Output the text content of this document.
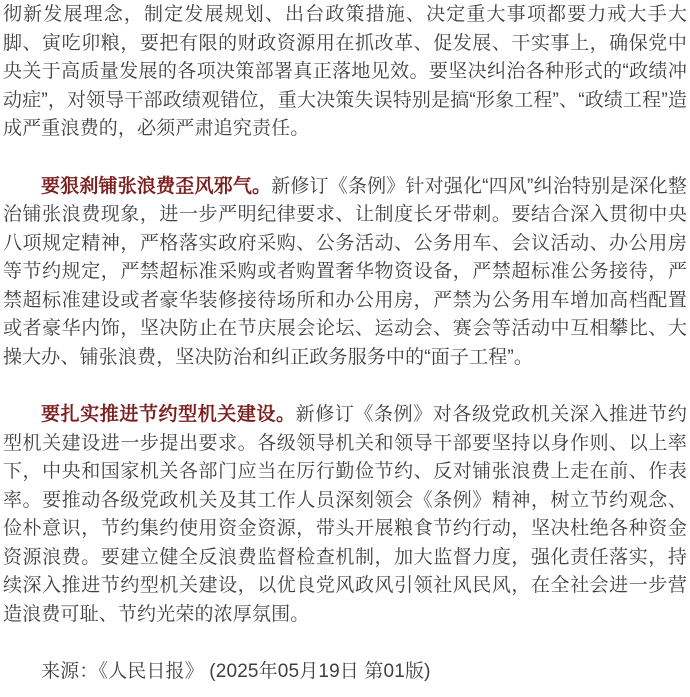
彻新发展理念，制定发展规划、出台政策措施、决定重大事项都要力戒大手大脚、寅吃卯粮，要把有限的财政资源用在抓改革、促发展、干实事上，确保党中央关于高质量发展的各项决策部署真正落地见效。要坚决纠治各种形式的“政绩冲动症”，对领导干部政绩观错位，重大决策失误特别是搞“形象工程”、“政绩工程”造成严重浪费的，必须严肃追究责任。

要狠刹铺张浪费歪风邪气。新修订《条例》针对强化“四风”纠治特别是深化整治铺张浪费现象，进一步严明纪律要求、让制度长牙带刺。要结合深入贯彻中央八项规定精神，严格落实政府采购、公务活动、公务用车、会议活动、办公用房等节约规定，严禁超标准采购或者购置奢华物资设备，严禁超标准公务接待，严禁超标准建设或者豪华装修接待场所和办公用房，严禁为公务用车增加高档配置或者豪华内饰，坚决防止在节庆展会论坛、运动会、赛会等活动中互相攀比、大操大办、铺张浪费，坚决防治和纠正政务服务中的“面子工程”。

要扎实推进节约型机关建设。新修订《条例》对各级党政机关深入推进节约型机关建设进一步提出要求。各级领导机关和领导干部要坚持以身作则、以上率下，中央和国家机关各部门应当在厉行勤俭节约、反对铺张浪费上走在前、作表率。要推动各级党政机关及其工作人员深刻领会《条例》精神，树立节约观念、俭朴意识，节约集约使用资金资源，带头开展粮食节约行动，坚决杜绝各种资金资源浪费。要建立健全反浪费监督检查机制，加大监督力度，强化责任落实，持续深入推进节约型机关建设，以优良党风政风引领社风民风，在全社会进一步营造浪费可耻、节约光荣的浓厚氛围。

来源：《人民日报》 (2025年05月19日 第01版)
